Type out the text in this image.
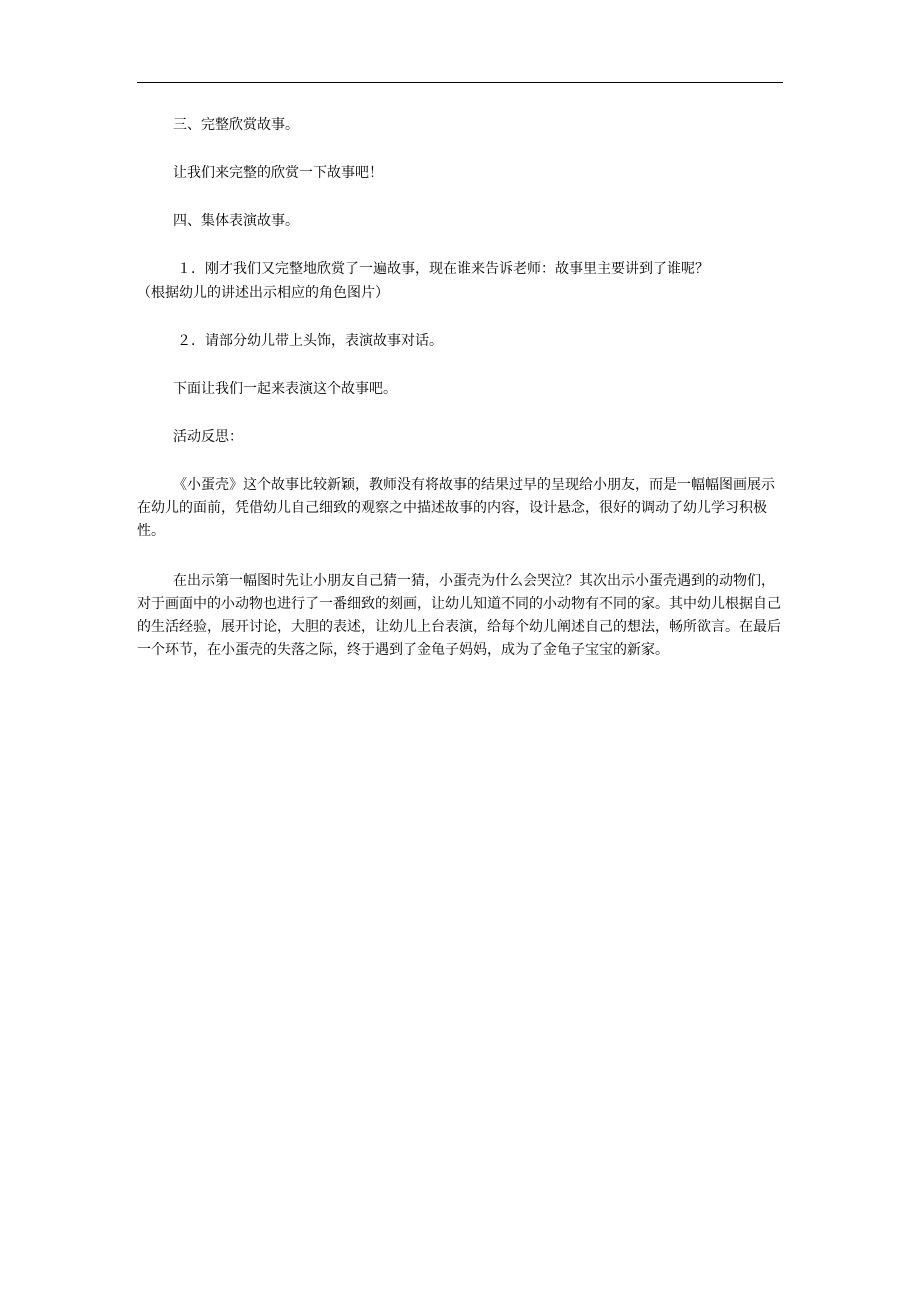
三、完整欣赏故事。

让我们来完整的欣赏一下故事吧！

四、集体表演故事。

１．刚才我们又完整地欣赏了一遍故事，现在谁来告诉老师：故事里主要讲到了谁呢？

（根据幼儿的讲述出示相应的角色图片）

２．请部分幼儿带上头饰，表演故事对话。

下面让我们一起来表演这个故事吧。

活动反思：

《小蛋壳》这个故事比较新颖，教师没有将故事的结果过早的呈现给小朋友，而是一幅幅图画展示在幼儿的面前，凭借幼儿自己细致的观察之中描述故事的内容，设计悬念，很好的调动了幼儿学习积极性。

在出示第一幅图时先让小朋友自己猜一猜，小蛋壳为什么会哭泣？其次出示小蛋壳遇到的动物们，对于画面中的小动物也进行了一番细致的刻画，让幼儿知道不同的小动物有不同的家。其中幼儿根据自己的生活经验，展开讨论，大胆的表述，让幼儿上台表演，给每个幼儿阐述自己的想法，畅所欲言。在最后一个环节，在小蛋壳的失落之际，终于遇到了金龟子妈妈，成为了金龟子宝宝的新家。
